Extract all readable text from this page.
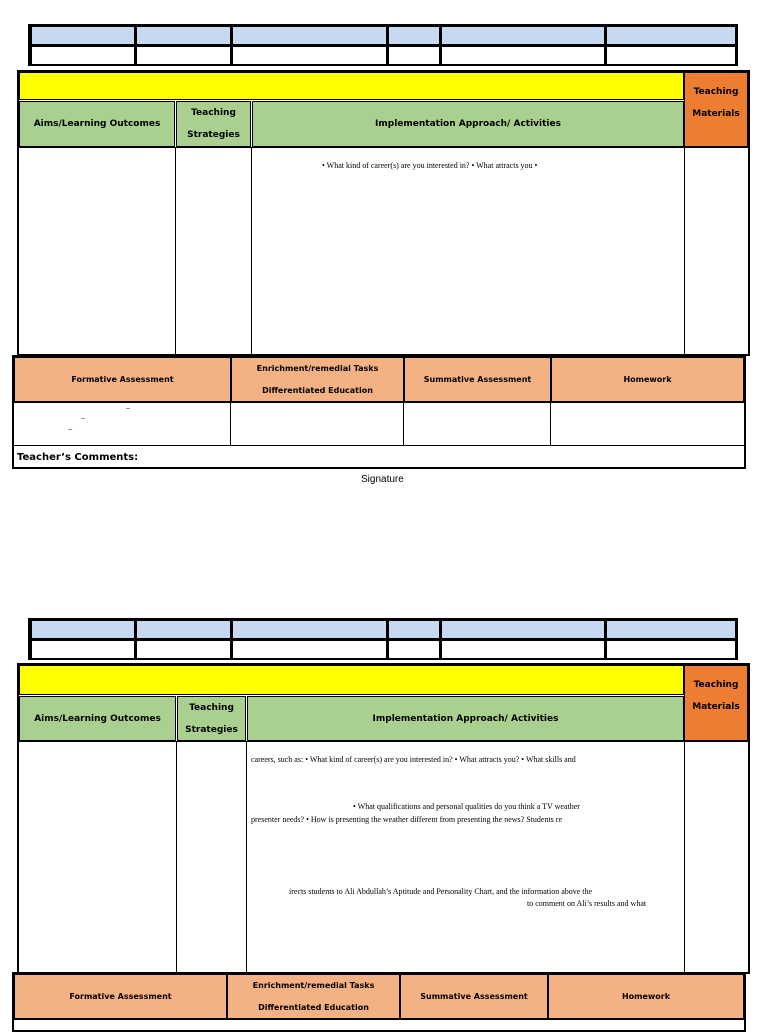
Teaching
Materials
Aims/Learning Outcomes
Teaching
Strategies
Implementation Approach/ Activities
• What kind of career(s) are you interested in? • What attracts you •
Formative Assessment
Enrichment/remedial Tasks
Differentiated Education
Summative Assessment	Homework
_
_
_
Teacher’s Comments:
Signature
Teaching
Materials
Aims/Learning Outcomes
Teaching
Strategies
Implementation Approach/ Activities
careers, such as: • What kind of career(s) are you interested in? • What attracts you? • What skills and
• What qualifications and personal qualities do you think a TV weather
presenter needs? • How is presenting the weather different from presenting the news? Students re
irects students to Ali Abdullah’s Aptitude and Personality Chart, and the information above the
to comment on Ali’s results and what
Formative Assessment
Enrichment/remedial Tasks
Differentiated Education
Summative Assessment	Homework
